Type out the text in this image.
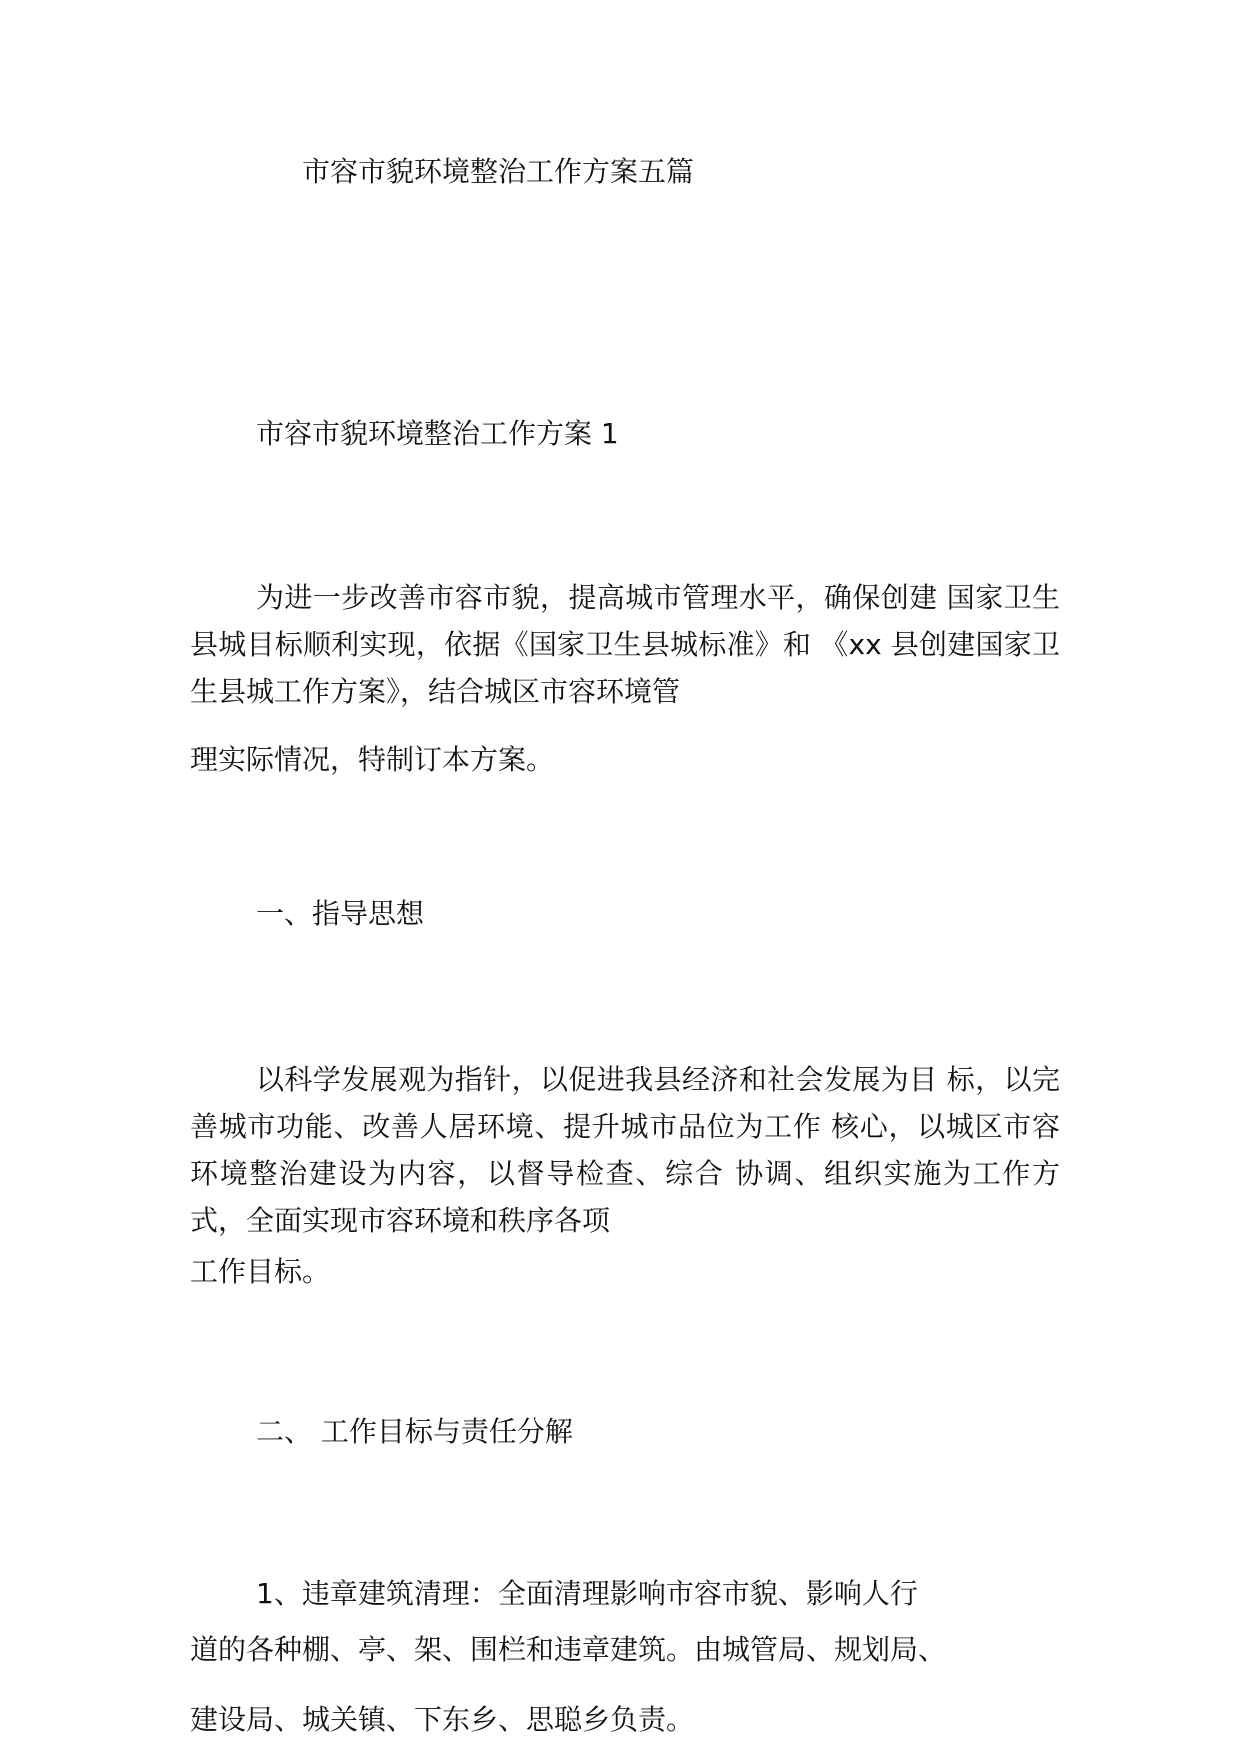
市容市貌环境整治工作方案五篇

市容市貌环境整治工作方案 1

为进一步改善市容市貌，提高城市管理水平，确保创建 国家卫生县城目标顺利实现，依据《国家卫生县城标准》和 《xx 县创建国家卫生县城工作方案》，结合城区市容环境管

理实际情况，特制订本方案。

一、指导思想

以科学发展观为指针，以促进我县经济和社会发展为目 标，以完善城市功能、改善人居环境、提升城市品位为工作 核心，以城区市容环境整治建设为内容，以督导检查、综合 协调、组织实施为工作方式，全面实现市容环境和秩序各项

工作目标。

二、 工作目标与责任分解

1、违章建筑清理：全面清理影响市容市貌、影响人行

道的各种棚、亭、架、围栏和违章建筑。由城管局、规划局、

建设局、城关镇、下东乡、思聪乡负责。
